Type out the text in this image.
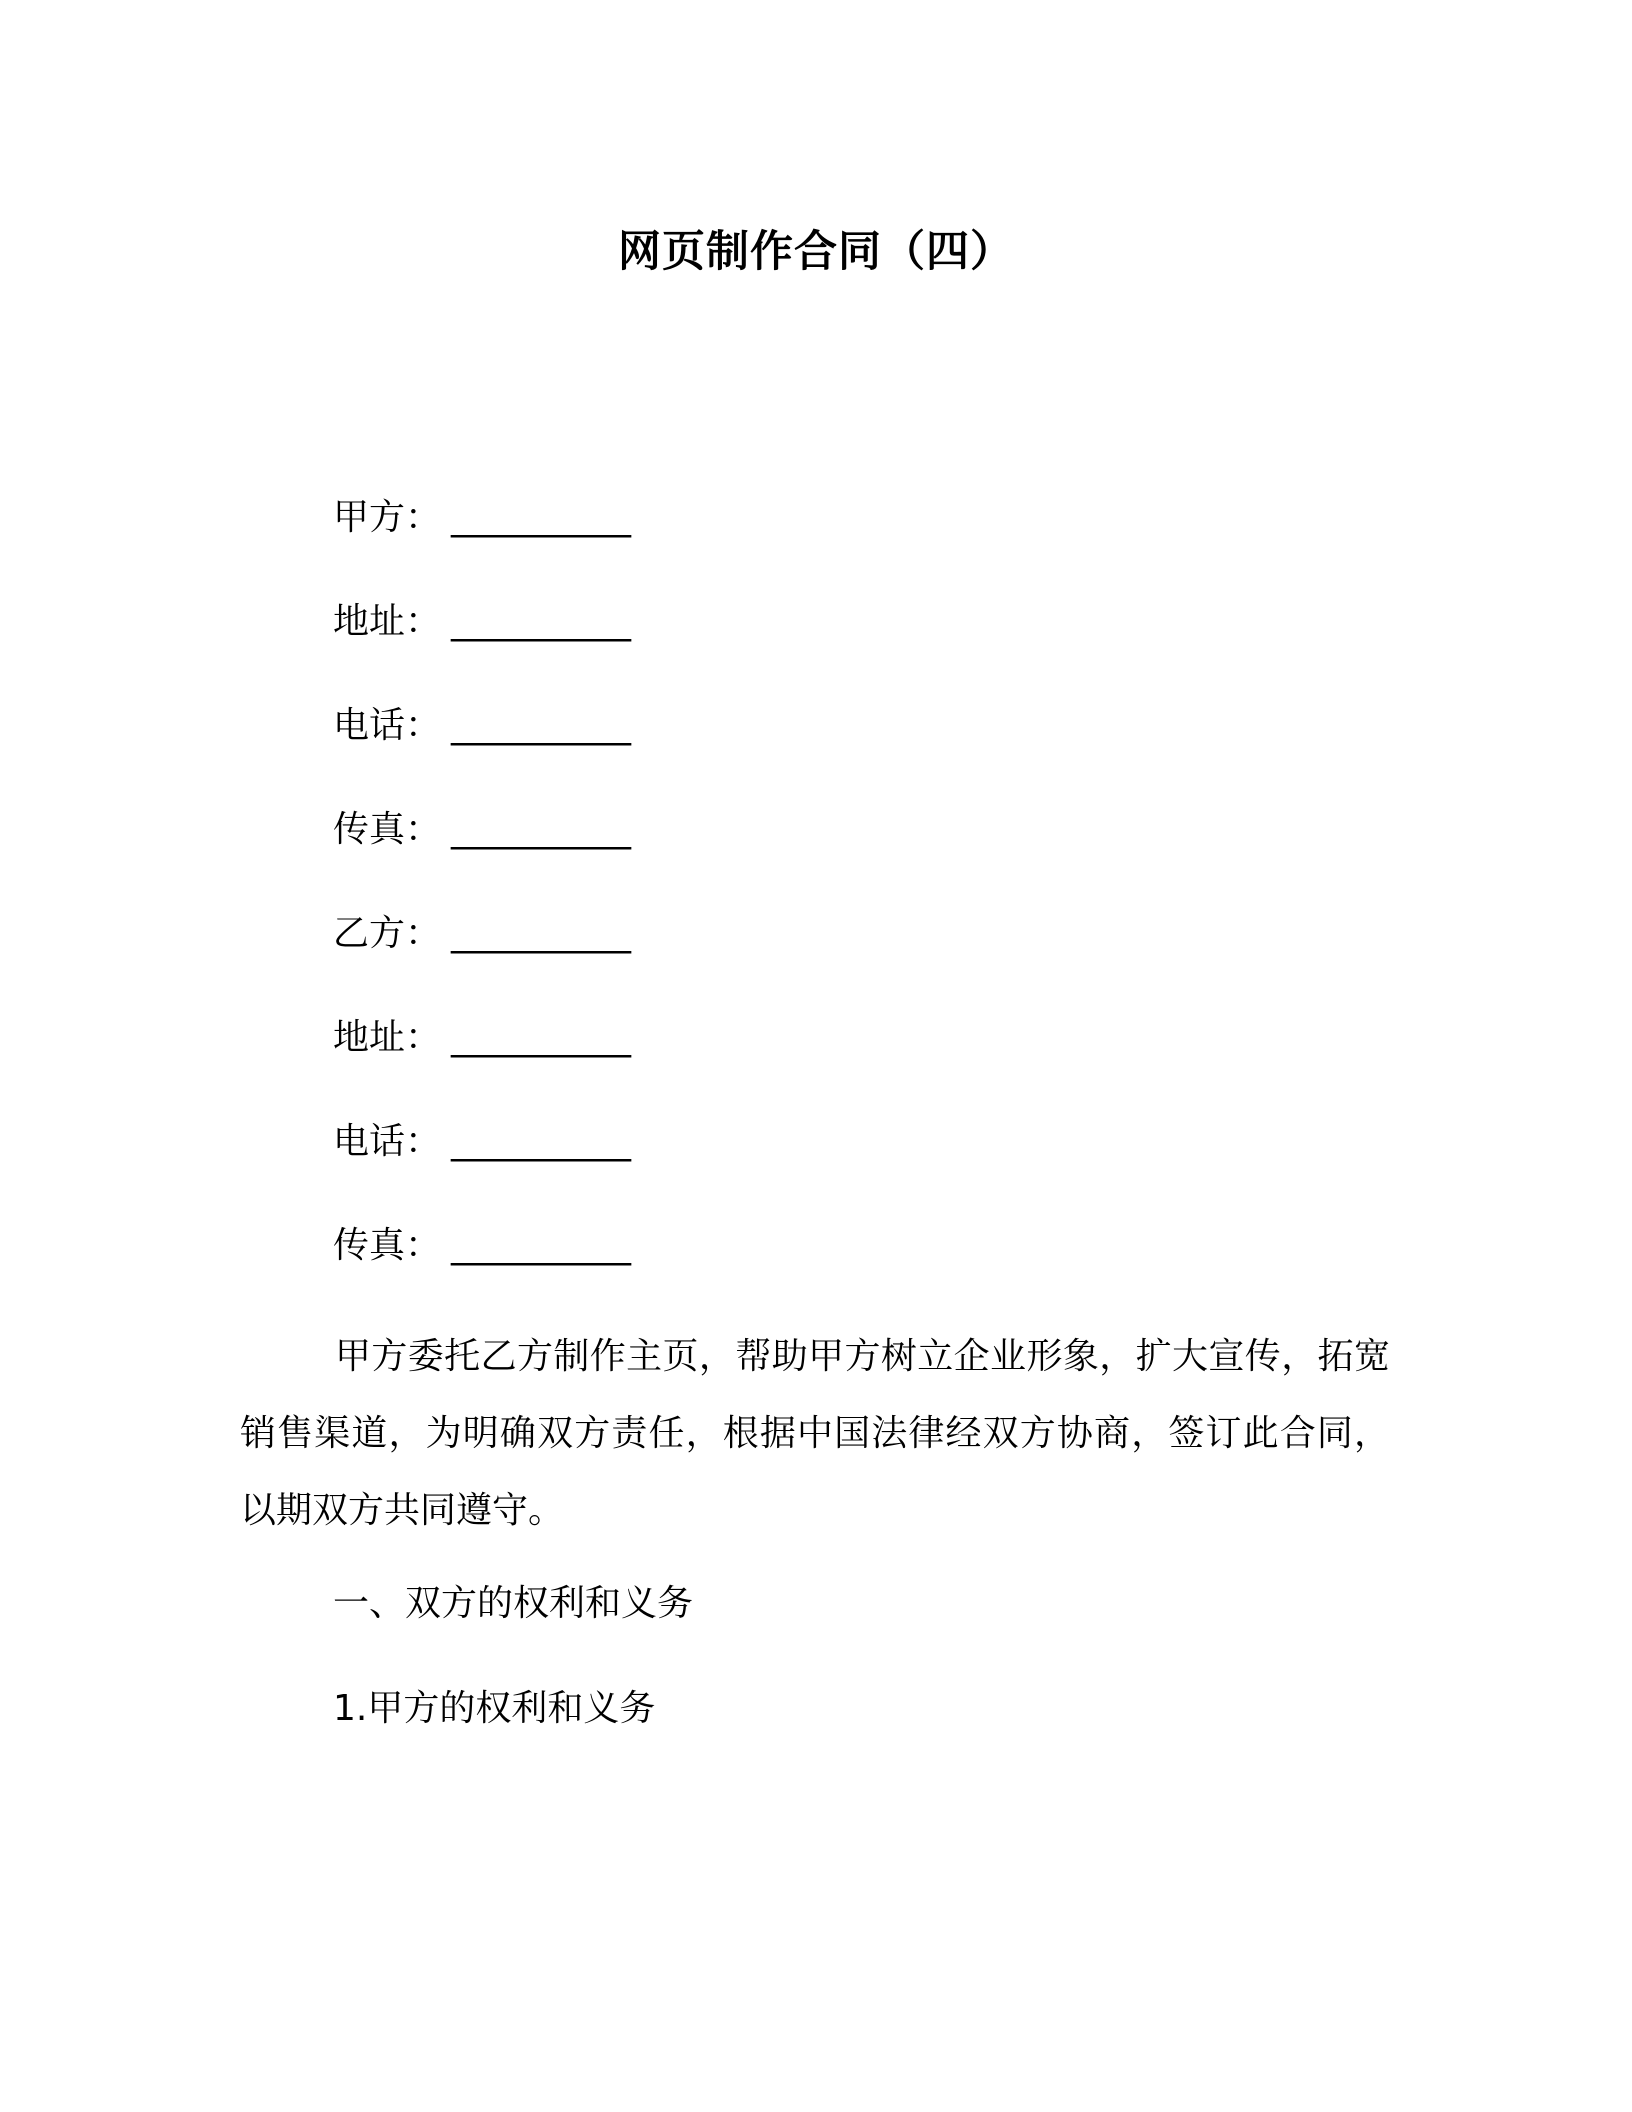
网页制作合同（四）
甲方： __________
地址： __________
电话： __________
传真： __________
乙方： __________
地址： __________
电话： __________
传真： __________

甲方委托乙方制作主页，帮助甲方树立企业形象，扩大宣传，拓宽销售渠道，为明确双方责任，根据中国法律经双方协商，签订此合同，以期双方共同遵守。

一、双方的权利和义务
1.甲方的权利和义务
